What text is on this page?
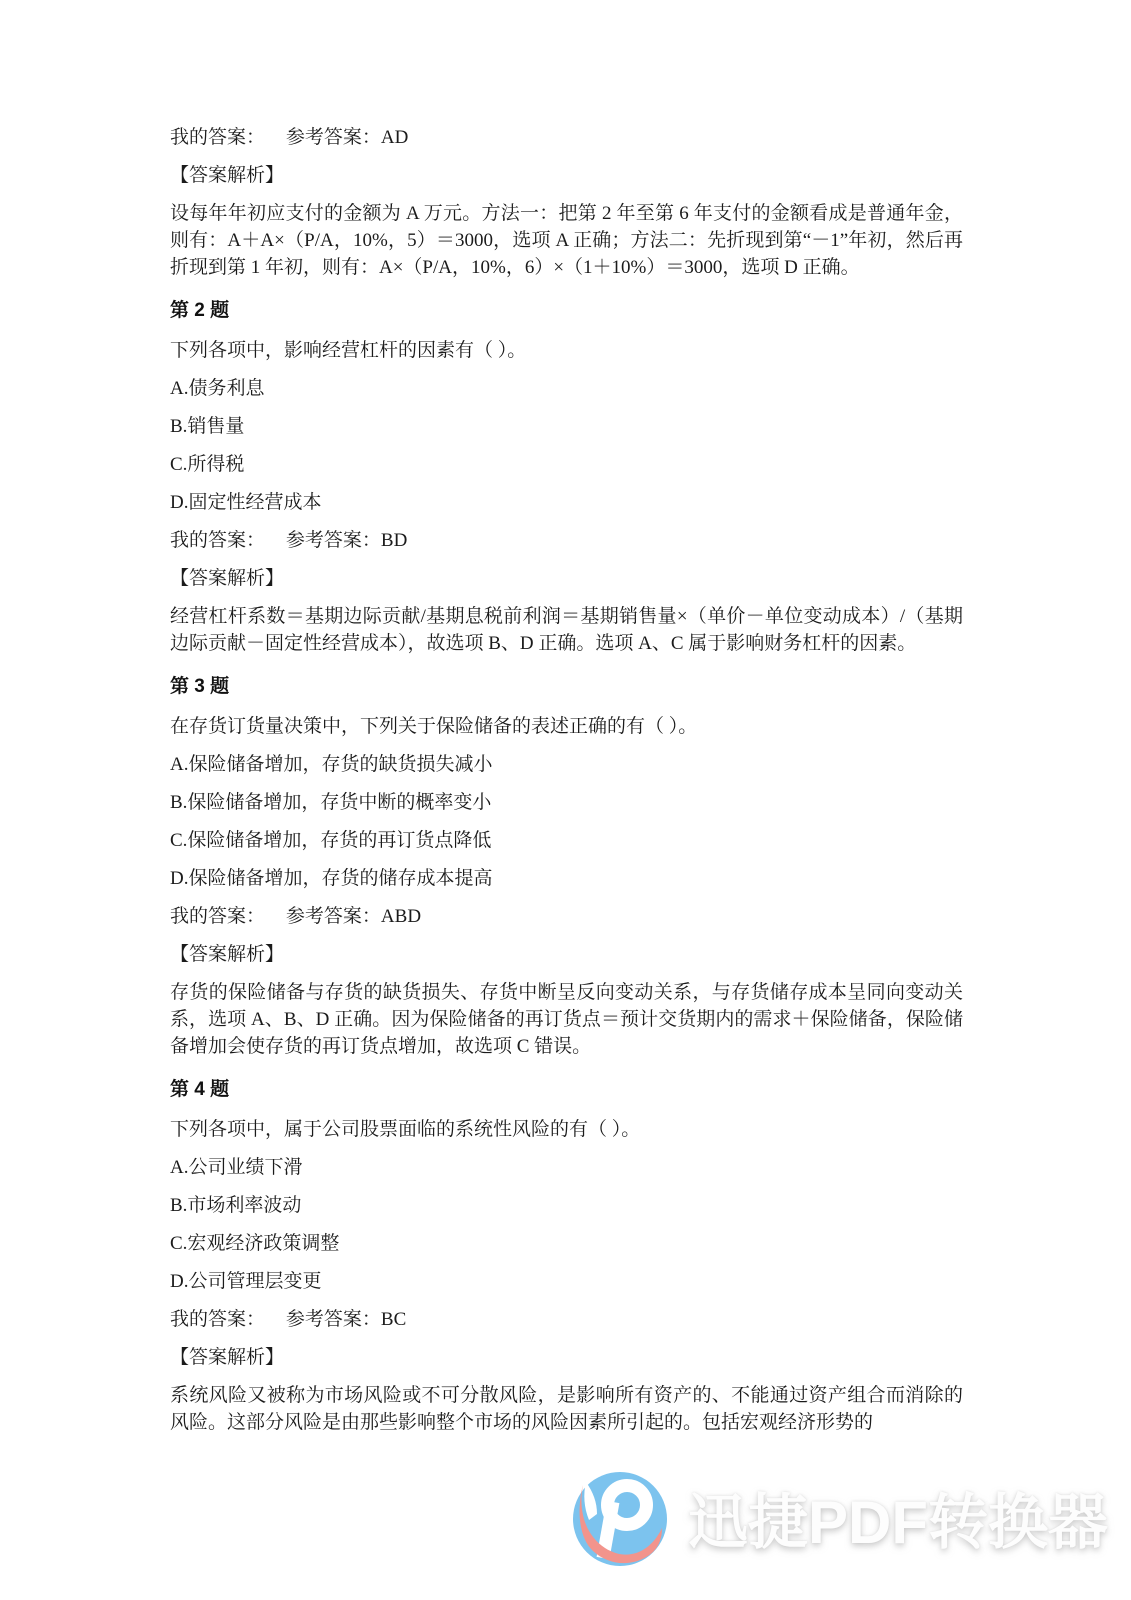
我的答案： 参考答案：AD

【答案解析】

设每年年初应支付的金额为 A 万元。方法一：把第 2 年至第 6 年支付的金额看成是普通年金，则有：A＋A×（P/A，10%，5）＝3000，选项 A 正确；方法二：先折现到第“－1”年初，然后再折现到第 1 年初，则有：A×（P/A，10%，6）×（1＋10%）＝3000，选项 D 正确。

第 2 题

下列各项中，影响经营杠杆的因素有（ ）。

A.债务利息

B.销售量

C.所得税

D.固定性经营成本

我的答案： 参考答案：BD

【答案解析】

经营杠杆系数＝基期边际贡献/基期息税前利润＝基期销售量×（单价－单位变动成本）/（基期边际贡献－固定性经营成本），故选项 B、D 正确。选项 A、C 属于影响财务杠杆的因素。

第 3 题

在存货订货量决策中，下列关于保险储备的表述正确的有（ ）。

A.保险储备增加，存货的缺货损失减小

B.保险储备增加，存货中断的概率变小

C.保险储备增加，存货的再订货点降低

D.保险储备增加，存货的储存成本提高

我的答案： 参考答案：ABD

【答案解析】

存货的保险储备与存货的缺货损失、存货中断呈反向变动关系，与存货储存成本呈同向变动关系，选项 A、B、D 正确。因为保险储备的再订货点＝预计交货期内的需求＋保险储备，保险储备增加会使存货的再订货点增加，故选项 C 错误。

第 4 题

下列各项中，属于公司股票面临的系统性风险的有（ ）。

A.公司业绩下滑

B.市场利率波动

C.宏观经济政策调整

D.公司管理层变更

我的答案： 参考答案：BC

【答案解析】

系统风险又被称为市场风险或不可分散风险，是影响所有资产的、不能通过资产组合而消除的风险。这部分风险是由那些影响整个市场的风险因素所引起的。包括宏观经济形势的

迅捷PDF转换器
